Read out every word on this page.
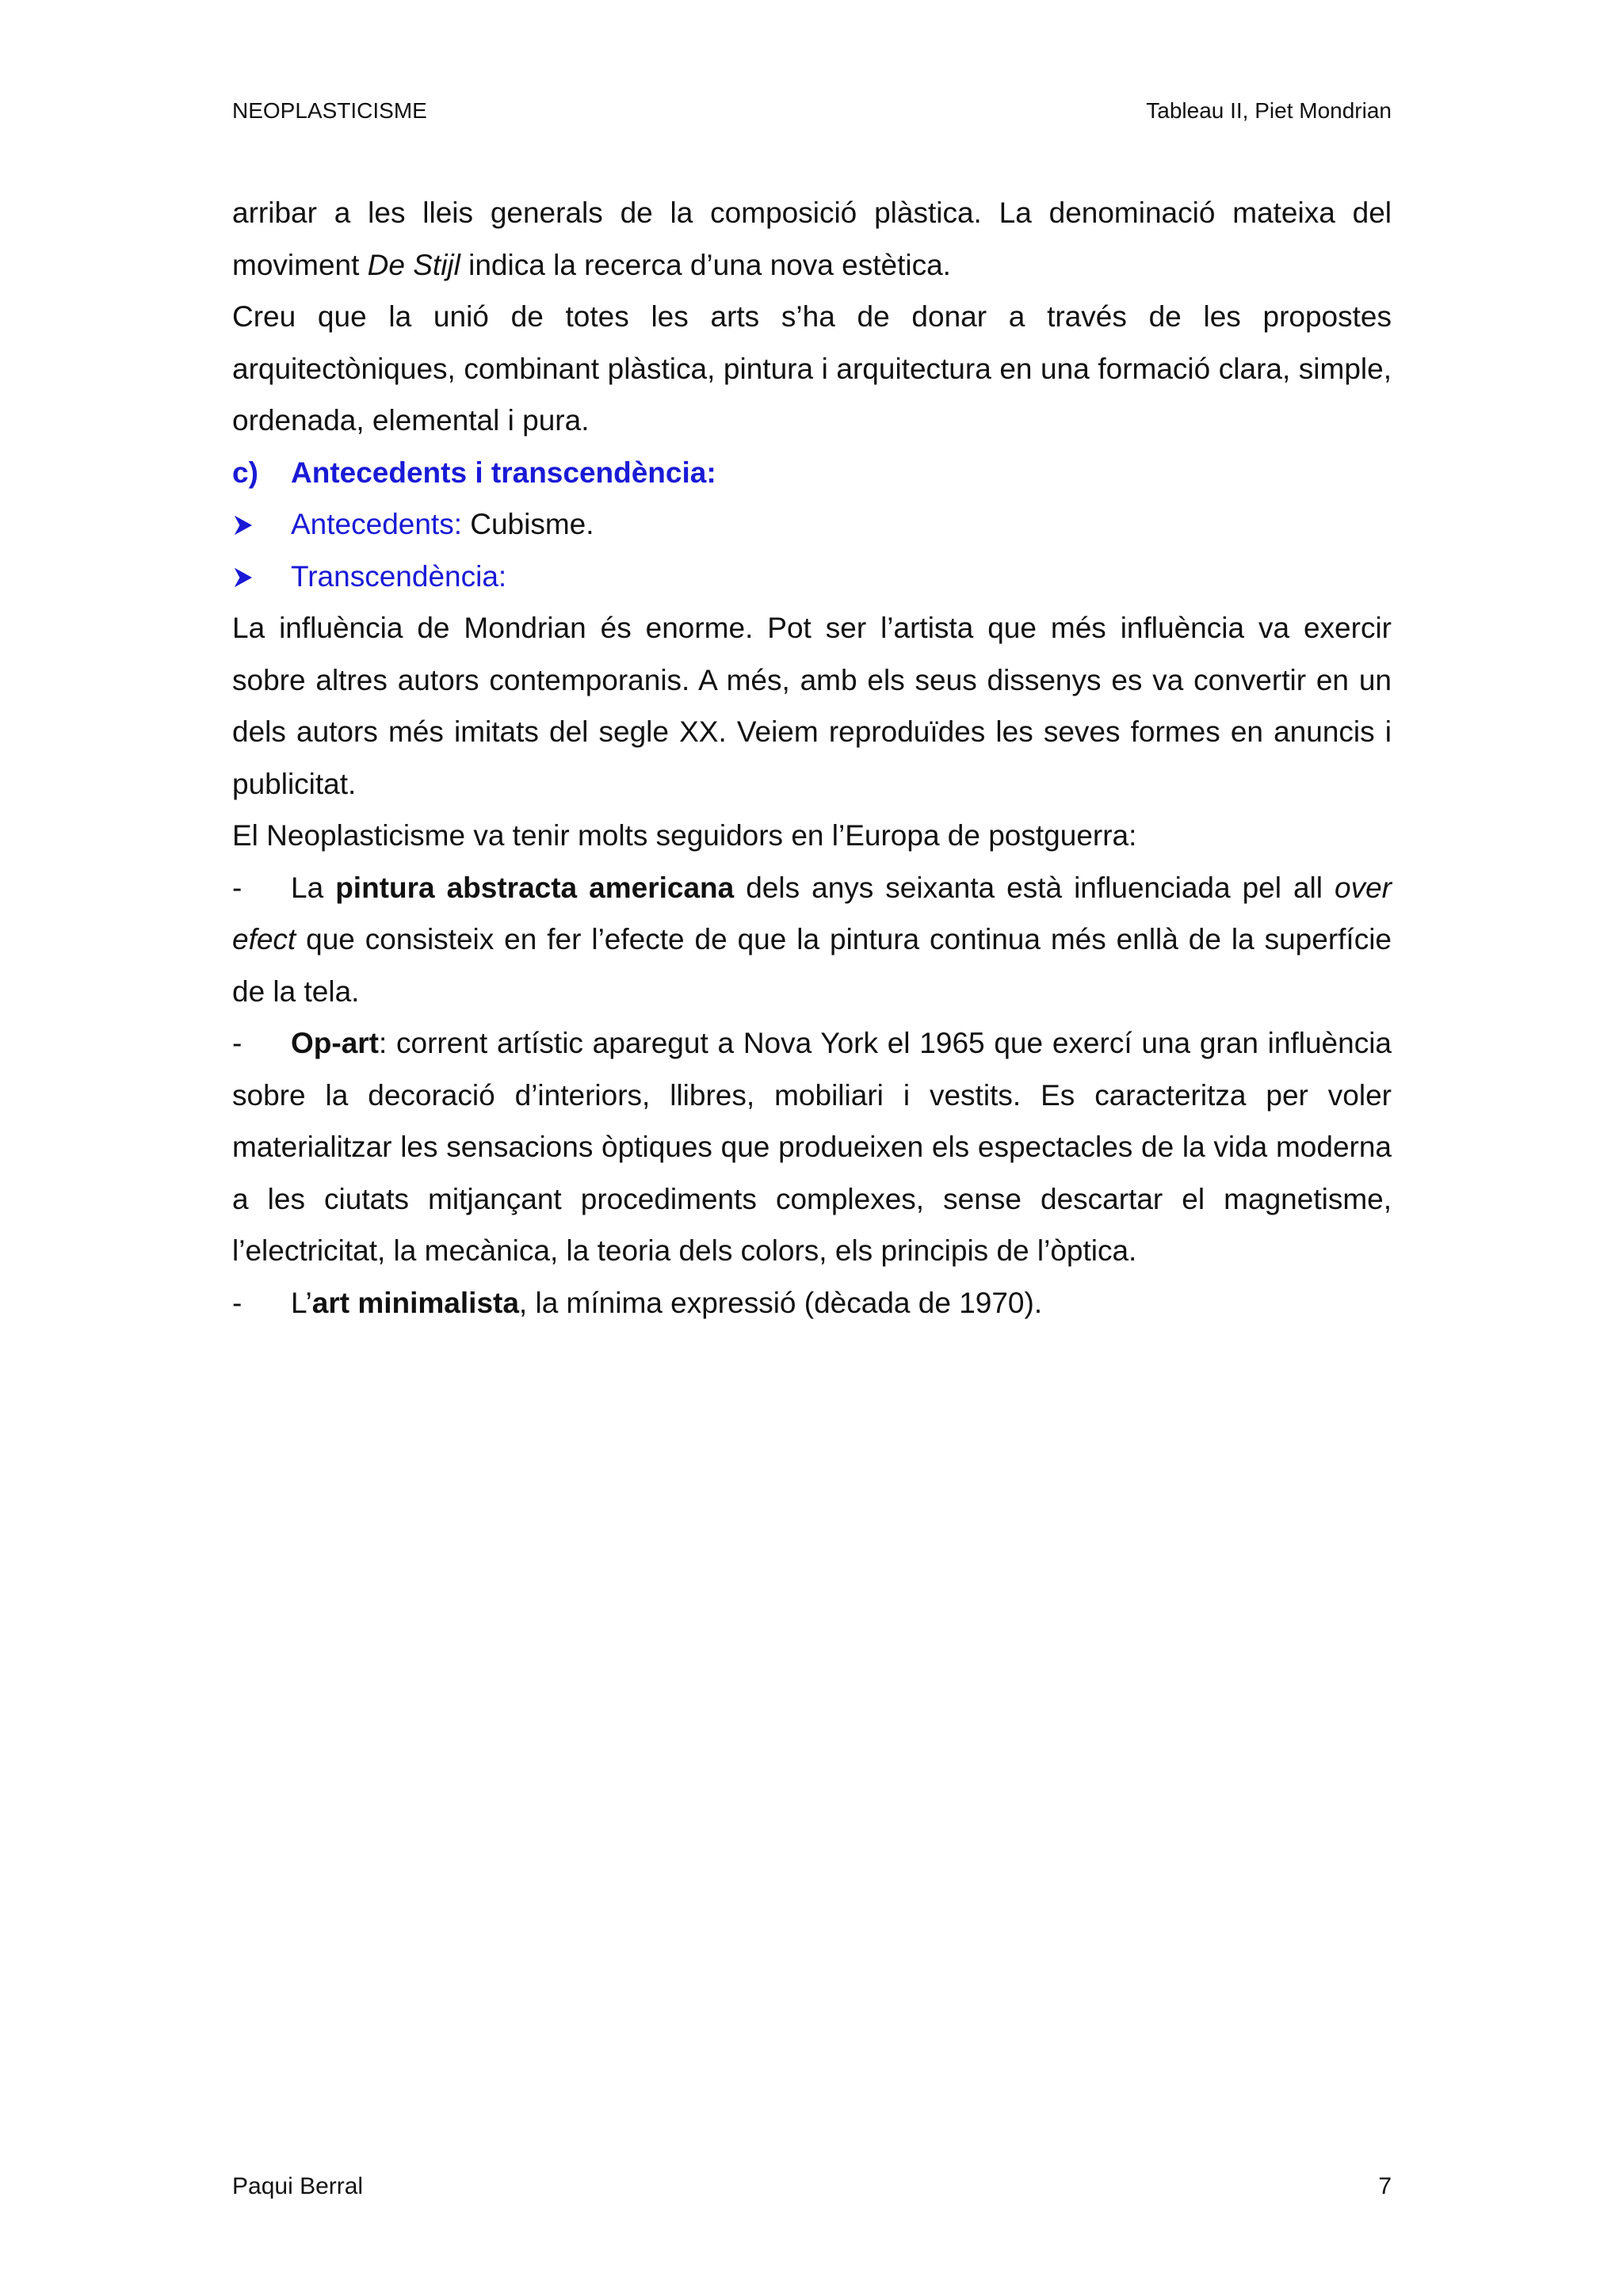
NEOPLASTICISME	Tableau II, Piet Mondrian

arribar a les lleis generals de la composició plàstica. La denominació mateixa del moviment De Stijl indica la recerca d’una nova estètica.

Creu que la unió de totes les arts s’ha de donar a través de les propostes arquitectòniques, combinant plàstica, pintura i arquitectura en una formació clara, simple, ordenada, elemental i pura.

c) Antecedents i transcendència:

Antecedents: Cubisme.

Transcendència:

La influència de Mondrian és enorme. Pot ser l’artista que més influència va exercir sobre altres autors contemporanis. A més, amb els seus dissenys es va convertir en un dels autors més imitats del segle XX. Veiem reproduïdes les seves formes en anuncis i publicitat.

El Neoplasticisme va tenir molts seguidors en l’Europa de postguerra:

-	La pintura abstracta americana dels anys seixanta està influenciada pel all over efect que consisteix en fer l’efecte de que la pintura continua més enllà de la superfície de la tela.

-	Op-art: corrent artístic aparegut a Nova York el 1965 que exercí una gran influència sobre la decoració d’interiors, llibres, mobiliari i vestits. Es caracteritza per voler materialitzar les sensacions òptiques que produeixen els espectacles de la vida moderna a les ciutats mitjançant procediments complexes, sense descartar el magnetisme, l’electricitat, la mecànica, la teoria dels colors, els principis de l’òptica.

-	L’art minimalista, la mínima expressió (dècada de 1970).

Paqui Berral	7
